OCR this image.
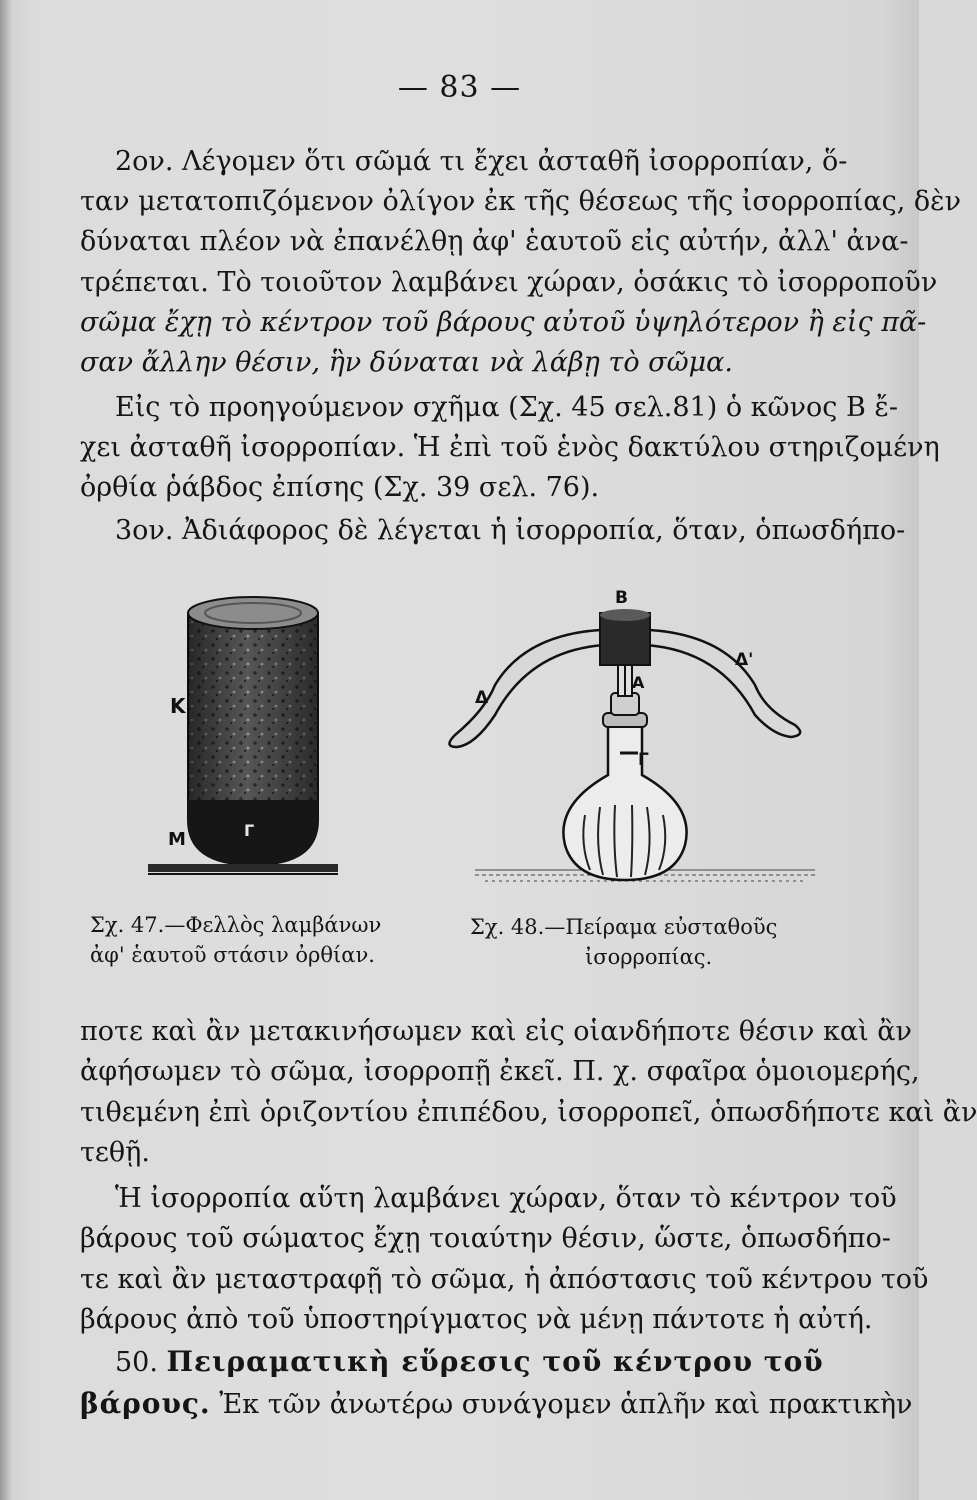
— 83 —
2ον. Λέγομεν ὅτι σῶμά τι ἔχει ἀσταθῆ ἰσορροπίαν, ὅ-
ταν μετατοπιζόμενον ὀλίγον ἐκ τῆς θέσεως τῆς ἰσορροπίας, δὲν
δύναται πλέον νὰ ἐπανέλθῃ ἀφ' ἑαυτοῦ εἰς αὐτήν, ἀλλ' ἀνα-
τρέπεται. Τὸ τοιοῦτον λαμβάνει χώραν, ὁσάκις τὸ ἰσορροποῦν
σῶμα ἔχῃ τὸ κέντρον τοῦ βάρους αὐτοῦ ὑψηλότερον ἢ εἰς πᾶ-
σαν ἄλλην θέσιν, ἣν δύναται νὰ λάβῃ τὸ σῶμα.
Εἰς τὸ προηγούμενον σχῆμα (Σχ. 45 σελ.81) ὁ κῶνος Β ἔ-
χει ἀσταθῆ ἰσορροπίαν. Ἡ ἐπὶ τοῦ ἑνὸς δακτύλου στηριζομένη
ὀρθία ῥάβδος ἐπίσης (Σχ. 39 σελ. 76).
3ον. Ἀδιάφορος δὲ λέγεται ἡ ἰσορροπία, ὅταν, ὁπωσδήπο-
Κ
Μ	Γ
Σχ. 47.—Φελλὸς λαμβάνων
ἀφ' ἑαυτοῦ στάσιν ὀρθίαν.
Β
Α
Γ
Δ
Δ'
Σχ. 48.—Πείραμα εὐσταθοῦς
ἰσορροπίας.
ποτε καὶ ἂν μετακινήσωμεν καὶ εἰς οἱανδήποτε θέσιν καὶ ἂν
ἀφήσωμεν τὸ σῶμα, ἰσορροπῇ ἐκεῖ. Π. χ. σφαῖρα ὁμοιομερής,
τιθεμένη ἐπὶ ὁριζοντίου ἐπιπέδου, ἰσορροπεῖ, ὁπωσδήποτε καὶ ἂν
τεθῇ.
Ἡ ἰσορροπία αὕτη λαμβάνει χώραν, ὅταν τὸ κέντρον τοῦ
βάρους τοῦ σώματος ἔχῃ τοιαύτην θέσιν, ὥστε, ὁπωσδήπο-
τε καὶ ἂν μεταστραφῇ τὸ σῶμα, ἡ ἀπόστασις τοῦ κέντρου τοῦ
βάρους ἀπὸ τοῦ ὑποστηρίγματος νὰ μένῃ πάντοτε ἡ αὐτή.
50. Πειραματικὴ εὕρεσις τοῦ κέντρου τοῦ
βάρους. Ἐκ τῶν ἀνωτέρω συνάγομεν ἁπλῆν καὶ πρακτικὴν
